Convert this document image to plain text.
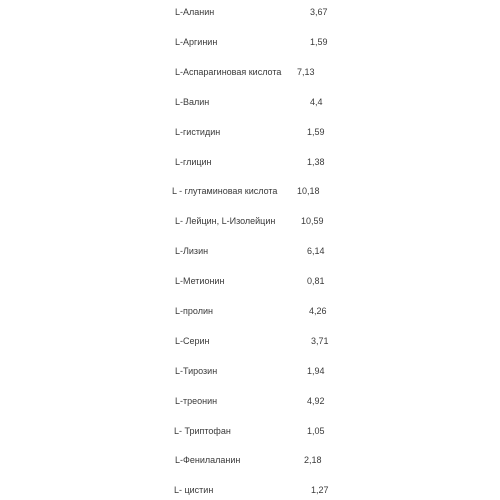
L-Аланин	3,67
L-Аргинин	1,59
L-Аспарагиновая кислота 7,13
L-Валин	4,4
L-гистидин	1,59
L-глицин	1,38
L - глутаминовая кислота 10,18
L- Лейцин, L-Изолейцин	10,59
L-Лизин	6,14
L-Метионин	0,81
L-пролин	4,26
L-Серин	3,71
L-Тирозин	1,94
L-треонин	4,92
L- Триптофан	1,05
L-Фенилаланин	2,18
L- цистин	1,27
